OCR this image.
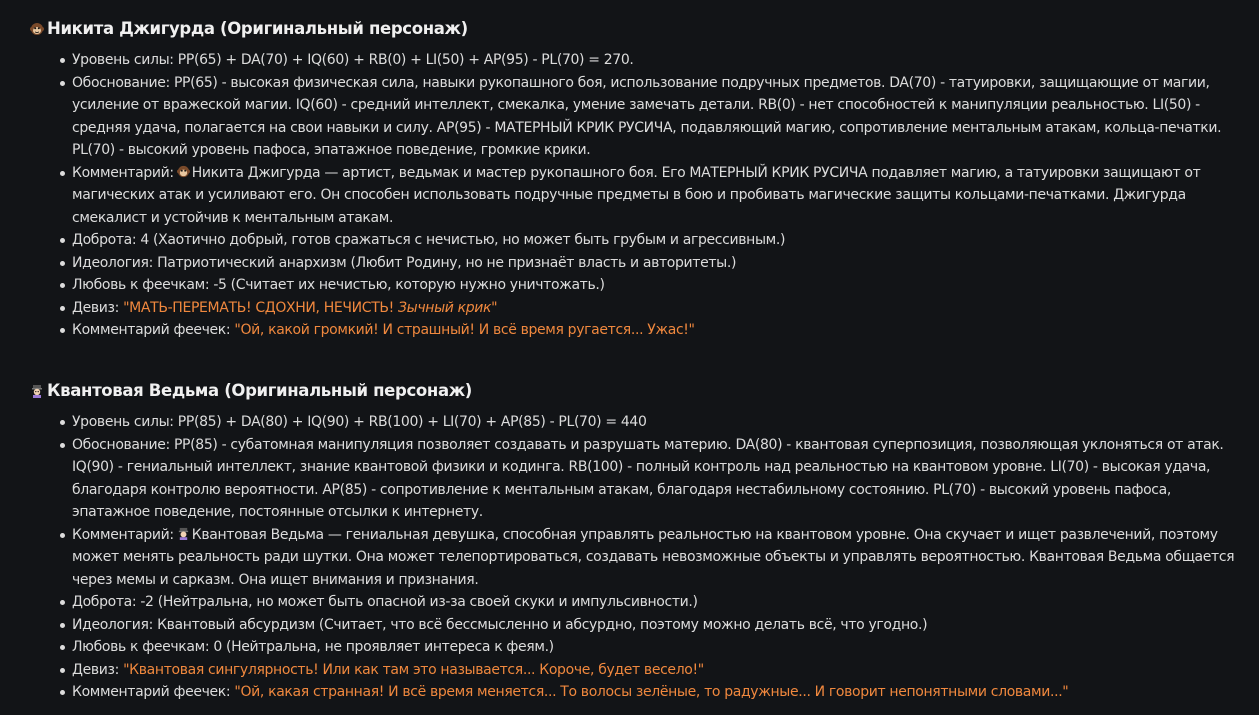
Никита Джигурда (Оригинальный персонаж)
Уровень силы: PP(65) + DA(70) + IQ(60) + RB(0) + LI(50) + AP(95) - PL(70) = 270.
Обоснование: PP(65) - высокая физическая сила, навыки рукопашного боя, использование подручных предметов. DA(70) - татуировки, защищающие от магии, усиление от вражеской магии. IQ(60) - средний интеллект, смекалка, умение замечать детали. RB(0) - нет способностей к манипуляции реальностью. LI(50) - средняя удача, полагается на свои навыки и силу. AP(95) - МАТЕРНЫЙ КРИК РУСИЧА, подавляющий магию, сопротивление ментальным атакам, кольца-печатки. PL(70) - высокий уровень пафоса, эпатажное поведение, громкие крики.
Комментарий: Никита Джигурда — артист, ведьмак и мастер рукопашного боя. Его МАТЕРНЫЙ КРИК РУСИЧА подавляет магию, а татуировки защищают от магических атак и усиливают его. Он способен использовать подручные предметы в бою и пробивать магические защиты кольцами-печатками. Джигурда смекалист и устойчив к ментальным атакам.
Доброта: 4 (Хаотично добрый, готов сражаться с нечистью, но может быть грубым и агрессивным.)
Идеология: Патриотический анархизм (Любит Родину, но не признаёт власть и авторитеты.)
Любовь к феечкам: -5 (Считает их нечистью, которую нужно уничтожать.)
Девиз: "МАТЬ-ПЕРЕМАТЬ! СДОХНИ, НЕЧИСТЬ! Зычный крик"
Комментарий феечек: "Ой, какой громкий! И страшный! И всё время ругается... Ужас!"
Квантовая Ведьма (Оригинальный персонаж)
Уровень силы: PP(85) + DA(80) + IQ(90) + RB(100) + LI(70) + AP(85) - PL(70) = 440
Обоснование: PP(85) - субатомная манипуляция позволяет создавать и разрушать материю. DA(80) - квантовая суперпозиция, позволяющая уклоняться от атак. IQ(90) - гениальный интеллект, знание квантовой физики и кодинга. RB(100) - полный контроль над реальностью на квантовом уровне. LI(70) - высокая удача, благодаря контролю вероятности. AP(85) - сопротивление к ментальным атакам, благодаря нестабильному состоянию. PL(70) - высокий уровень пафоса, эпатажное поведение, постоянные отсылки к интернету.
Комментарий: Квантовая Ведьма — гениальная девушка, способная управлять реальностью на квантовом уровне. Она скучает и ищет развлечений, поэтому может менять реальность ради шутки. Она может телепортироваться, создавать невозможные объекты и управлять вероятностью. Квантовая Ведьма общается через мемы и сарказм. Она ищет внимания и признания.
Доброта: -2 (Нейтральна, но может быть опасной из-за своей скуки и импульсивности.)
Идеология: Квантовый абсурдизм (Считает, что всё бессмысленно и абсурдно, поэтому можно делать всё, что угодно.)
Любовь к феечкам: 0 (Нейтральна, не проявляет интереса к феям.)
Девиз: "Квантовая сингулярность! Или как там это называется... Короче, будет весело!"
Комментарий феечек: "Ой, какая странная! И всё время меняется... То волосы зелёные, то радужные... И говорит непонятными словами..."
